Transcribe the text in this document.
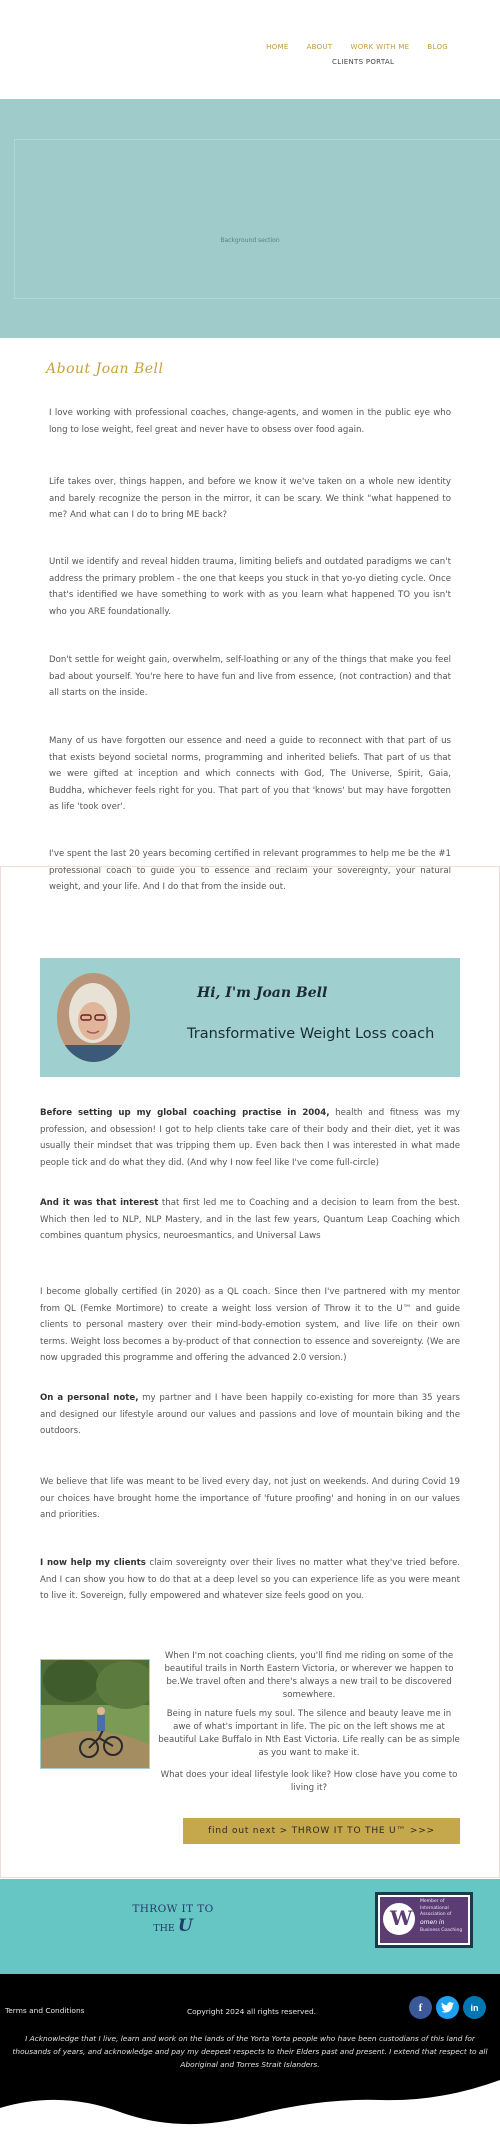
HOME	ABOUT	WORK WITH ME	BLOG
CLIENTS PORTAL
Background section
About Joan Bell

I love working with professional coaches, change-agents, and women in the public eye who long to lose weight, feel great and never have to obsess over food again.

Life takes over, things happen, and before we know it we've taken on a whole new identity and barely recognize the person in the mirror, it can be scary. We think "what happened to me? And what can I do to bring ME back?

Until we identify and reveal hidden trauma, limiting beliefs and outdated paradigms we can't address the primary problem - the one that keeps you stuck in that yo-yo dieting cycle. Once that's identified we have something to work with as you learn what happened TO you isn't who you ARE foundationally.

Don't settle for weight gain, overwhelm, self-loathing or any of the things that make you feel bad about yourself. You're here to have fun and live from essence, (not contraction) and that all starts on the inside.

Many of us have forgotten our essence and need a guide to reconnect with that part of us that exists beyond societal norms, programming and inherited beliefs. That part of us that we were gifted at inception and which connects with God, The Universe, Spirit, Gaia, Buddha, whichever feels right for you. That part of you that 'knows' but may have forgotten as life 'took over'.

I've spent the last 20 years becoming certified in relevant programmes to help me be the #1 professional coach to guide you to essence and reclaim your sovereignty, your natural weight, and your life. And I do that from the inside out.

Hi, I'm Joan Bell
Transformative Weight Loss coach

Before setting up my global coaching practise in 2004, health and fitness was my profession, and obsession! I got to help clients take care of their body and their diet, yet it was usually their mindset that was tripping them up. Even back then I was interested in what made people tick and do what they did. (And why I now feel like I've come full-circle)

And it was that interest that first led me to Coaching and a decision to learn from the best. Which then led to NLP, NLP Mastery, and in the last few years, Quantum Leap Coaching which combines quantum physics, neuroesmantics, and Universal Laws

I become globally certified (in 2020) as a QL coach. Since then I've partnered with my mentor from QL (Femke Mortimore) to create a weight loss version of Throw it to the U™ and guide clients to personal mastery over their mind-body-emotion system, and live life on their own terms. Weight loss becomes a by-product of that connection to essence and sovereignty. (We are now upgraded this programme and offering the advanced 2.0 version.)

On a personal note, my partner and I have been happily co-existing for more than 35 years and designed our lifestyle around our values and passions and love of mountain biking and the outdoors.

We believe that life was meant to be lived every day, not just on weekends. And during Covid 19 our choices have brought home the importance of 'future proofing' and honing in on our values and priorities.

I now help my clients claim sovereignty over their lives no matter what they've tried before. And I can show you how to do that at a deep level so you can experience life as you were meant to live it. Sovereign, fully empowered and whatever size feels good on you.

When I'm not coaching clients, you'll find me riding on some of the beautiful trails in North Eastern Victoria, or wherever we happen to be.We travel often and there's always a new trail to be discovered somewhere.

Being in nature fuels my soul. The silence and beauty leave me in awe of what's important in life. The pic on the left shows me at beautiful Lake Buffalo in Nth East Victoria. Life really can be as simple as you want to make it.

What does your ideal lifestyle look like? How close have you come to living it?

find out next > THROW IT TO THE U™ >>>
THROW IT TO
THE U	W
Member of
International Association of
omen in
Business Coaching
Terms and Conditions	Copyright 2024 all rights reserved.	f	in

I Acknowledge that I live, learn and work on the lands of the Yorta Yorta people who have been custodians of this land for thousands of years, and acknowledge and pay my deepest respects to their Elders past and present. I extend that respect to all Aboriginal and Torres Strait Islanders.
